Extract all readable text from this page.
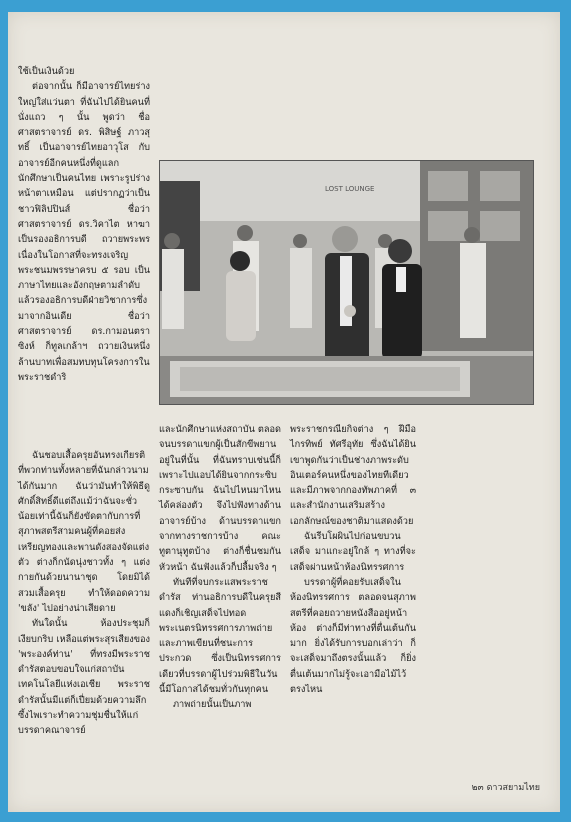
ใช้เป็นเงินด้วย

ต่อจากนั้น ก็มีอาจารย์ไทยร่างใหญ่ใส่แว่นตา ที่ฉันไปได้ยินคนที่นั่งแถว ๆ นั้น พูดว่า ชื่อ ศาสตราจารย์ ดร. พิสิษฐ์ ภาวสุทธิ์ เป็นอาจารย์ไทยอาวุโส กับอาจารย์อีกคนหนึ่งที่ดูแลกนักศึกษาเป็นคนไทย เพราะรูปร่างหน้าตาเหมือน แต่ปรากฏว่าเป็นชาวฟิลิปปินส์ ชื่อว่า ศาสตราจารย์ ดร.วิคาไต หาฆา เป็นรองอธิการบดี ถวายพระพรเนื่องในโอกาสที่จะทรงเจริญพระชนมพรรษาครบ ๕ รอบ เป็นภาษาไทยและอังกฤษตามลำดับ แล้วรองอธิการบดีฝ่ายวิชาการซึ่งมาจากอินเดีย ชื่อว่า ศาสตราจารย์ ดร.กามอนตรา ซิงห์ ก็ทูลเกล้าฯ ถวายเงินหนึ่งล้านบาทเพื่อสมทบทุนโครงการในพระราชดำริ

ฉันชอบเสื้อครุยอันทรงเกียรติที่พวกท่านทั้งหลายที่ฉันกล่าวนามได้กันมาก ฉันว่ามันทำให้พิธีดูศักดิ์สิทธิ์ดีแต่ถึงแม้ว่าฉันจะชั่วน้อยเท่านี้ฉันก็ยังขัดตากับการที่สุภาพสตรีสามคนผู้ที่คอยส่งเหรียญทองและพานดังสองจัดแต่งตัว ต่างก็กนัดนุ่งชาวทั้ง ๆ แต่งกายกันด้วยนานาชุด โดยมิได้สวมเสื้อครุย ทำให้ดอดความ 'ขลัง' ไปอย่างน่าเสียดาย

ทันใดนั้น ห้องประชุมก็เงียบกริบ เหลือแต่พระสุรเสียงของ 'พระองค์ท่าน' ที่ทรงมีพระราชดำรัสตอบขอบใจแก่สถาบันเทคโนโลยีแห่งเอเชีย พระราชดำรัสนั้นมีแต่ก็เปี่ยมด้วยความลึกซึ้งไพเราะทำความชุ่มชื่นให้แก่บรรดาคณาจารย์

LOST LOUNGE

และนักศึกษาแห่งสถาบัน ตลอดจนบรรดาแขกผู้เป็นสักขีพยานอยู่ในที่นั้น ที่ฉันทราบเช่นนี้ก็เพราะไปแอบได้ยินจากกระซิบกระซาบกัน ฉันไปไหนมาไหนได้คล่องตัว จึงไปฟังทางด้านอาจารย์บ้าง ด้านบรรดาแขกจากทางราชการบ้าง คณะทูตานุทูตบ้าง ต่างก็ชื่นชมกันหัวหน้า ฉันฟังแล้วก็ปลื้มจริง ๆ

ทันทีที่จบกระแสพระราชดำรัส ท่านอธิการบดีในครุยสีแดงก็เชิญเสด็จไปทอดพระเนตรนิทรรศการภาพถ่ายและภาพเขียนที่ชนะการประกวด ซึ่งเป็นนิทรรศการเดียวที่บรรดาผู้ไปร่วมพิธีในวันนี้มีโอกาสได้ชมทั่วกันทุกคน

ภาพถ่ายนั้นเป็นภาพ

พระราชกรณียกิจต่าง ๆ ฝีมือ ไกรทิพย์ ทัศรีอุทัย ซึ่งฉันได้ยินเขาพูดกันว่าเป็นช่างภาพระดับอินเตอร์คนหนึ่งของไทยทีเดียว และมีภาพจากกองทัพภาคที่ ๓ และสำนักงานเสริมสร้างเอกลักษณ์ของชาติมาแสดงด้วย

ฉันรีบโผผินไปก่อนขบวนเสด็จ มาแกะอยู่ใกล้ ๆ ทางที่จะเสด็จผ่านหน้าห้องนิทรรศการ

บรรดาผู้ที่คอยรับเสด็จในห้องนิทรรศการ ตลอดจนสุภาพสตรีที่คอยถวายหนังสืออยู่หน้าห้อง ต่างก็มีท่าทางที่ตื่นเต้นกันมาก ยิ่งได้รับการบอกเล่าว่า ก็จะเสด็จมาถึงตรงนั้นแล้ว ก็ยิ่งตื่นเต้นมากไม่รู้จะเอามือไม้ไว้ตรงไหน

๒๓ ดาวสยามไทย
